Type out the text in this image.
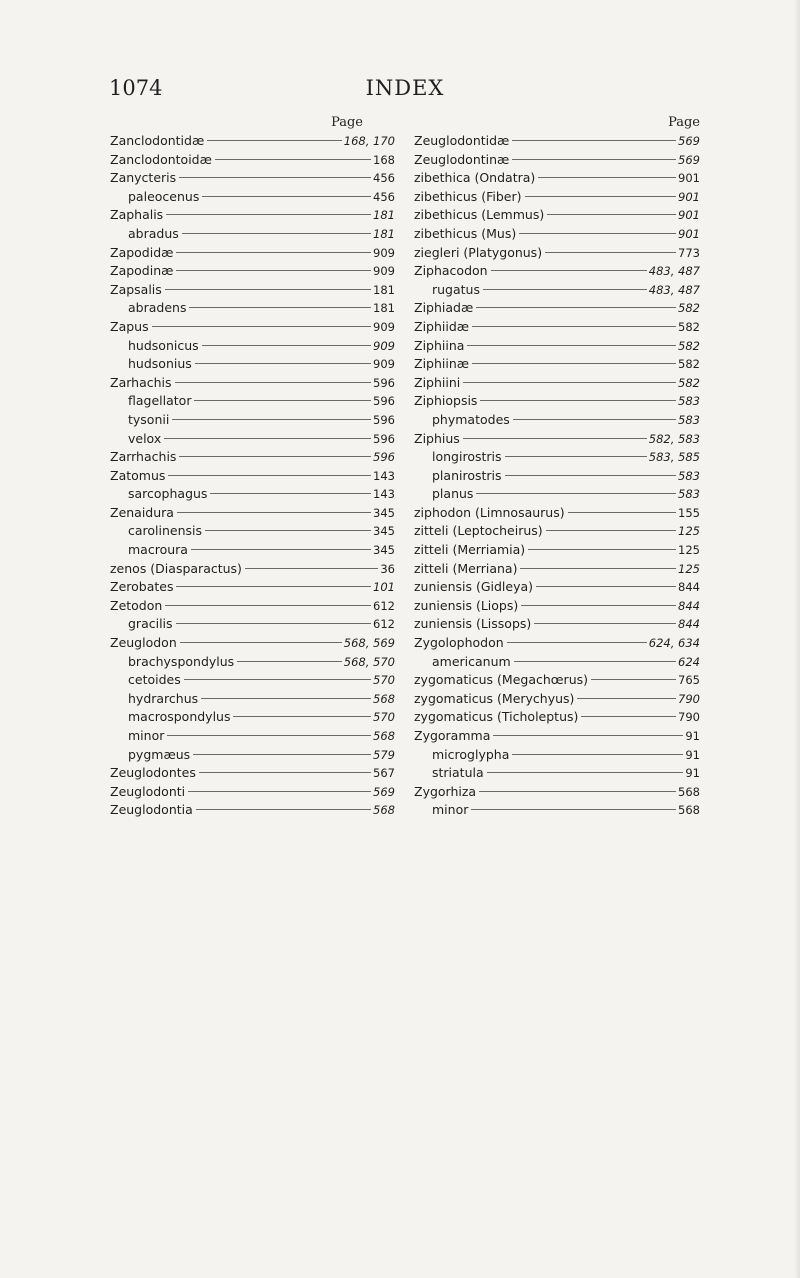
1074	INDEX
Page
Zanclodontidæ	168, 170
Zanclodontoidæ	168
Zanycteris	456
paleocenus	456
Zaphalis	181
abradus	181
Zapodidæ	909
Zapodinæ	909
Zapsalis	181
abradens	181
Zapus	909
hudsonicus	909
hudsonius	909
Zarhachis	596
flagellator	596
tysonii	596
velox	596
Zarrhachis	596
Zatomus	143
sarcophagus	143
Zenaidura	345
carolinensis	345
macroura	345
zenos (Diasparactus)	36
Zerobates	101
Zetodon	612
gracilis	612
Zeuglodon	568, 569
brachyspondylus	568, 570
cetoides	570
hydrarchus	568
macrospondylus	570
minor	568
pygmæus	579
Zeuglodontes	567
Zeuglodonti	569
Zeuglodontia	568
Page
Zeuglodontidæ	569
Zeuglodontinæ	569
zibethica (Ondatra)	901
zibethicus (Fiber)	901
zibethicus (Lemmus)	901
zibethicus (Mus)	901
ziegleri (Platygonus)	773
Ziphacodon	483, 487
rugatus	483, 487
Ziphiadæ	582
Ziphiidæ	582
Ziphiina	582
Ziphiinæ	582
Ziphiini	582
Ziphiopsis	583
phymatodes	583
Ziphius	582, 583
longirostris	583, 585
planirostris	583
planus	583
ziphodon (Limnosaurus)	155
zitteli (Leptocheirus)	125
zitteli (Merriamia)	125
zitteli (Merriana)	125
zuniensis (Gidleya)	844
zuniensis (Liops)	844
zuniensis (Lissops)	844
Zygolophodon	624, 634
americanum	624
zygomaticus (Megachœrus)	765
zygomaticus (Merychyus)	790
zygomaticus (Ticholeptus)	790
Zygoramma	91
microglypha	91
striatula	91
Zygorhiza	568
minor	568
